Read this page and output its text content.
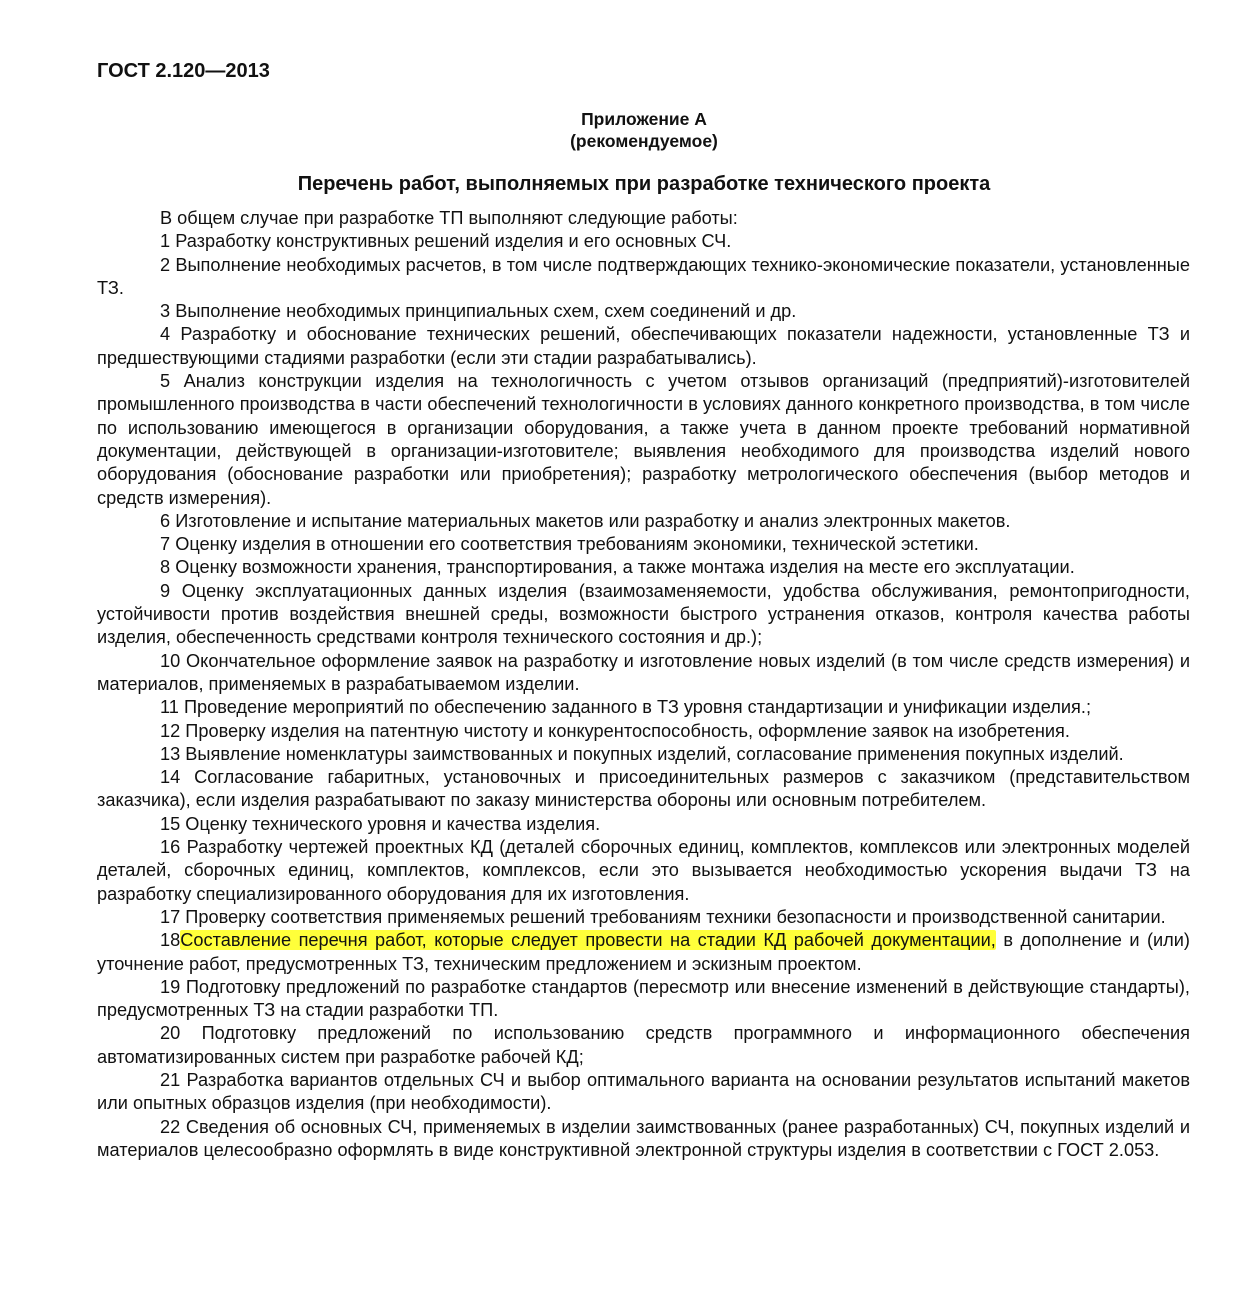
ГОСТ 2.120—2013
Приложение А
(рекомендуемое)
Перечень работ, выполняемых при разработке технического проекта

В общем случае при разработке ТП выполняют следующие работы:

1 Разработку конструктивных решений изделия и его основных СЧ.

2 Выполнение необходимых расчетов, в том числе подтверждающих технико-экономические показатели, установленные ТЗ.

3 Выполнение необходимых принципиальных схем, схем соединений и др.

4 Разработку и обоснование технических решений, обеспечивающих показатели надежности, установленные ТЗ и предшествующими стадиями разработки (если эти стадии разрабатывались).

5 Анализ конструкции изделия на технологичность с учетом отзывов организаций (предприятий)-изготовителей промышленного производства в части обеспечений технологичности в условиях данного конкретного производства, в том числе по использованию имеющегося в организации оборудования, а также учета в данном проекте требований нормативной документации, действующей в организации-изготовителе; выявления необходимого для производства изделий нового оборудования (обоснование разработки или приобретения); разработку метрологического обеспечения (выбор методов и средств измерения).

6 Изготовление и испытание материальных макетов или разработку и анализ электронных макетов.

7 Оценку изделия в отношении его соответствия требованиям экономики, технической эстетики.

8 Оценку возможности хранения, транспортирования, а также монтажа изделия на месте его эксплуатации.

9 Оценку эксплуатационных данных изделия (взаимозаменяемости, удобства обслуживания, ремонтопригодности, устойчивости против воздействия внешней среды, возможности быстрого устранения отказов, контроля качества работы изделия, обеспеченность средствами контроля технического состояния и др.);

10 Окончательное оформление заявок на разработку и изготовление новых изделий (в том числе средств измерения) и материалов, применяемых в разрабатываемом изделии.

11 Проведение мероприятий по обеспечению заданного в ТЗ уровня стандартизации и унификации изделия.;

12 Проверку изделия на патентную чистоту и конкурентоспособность, оформление заявок на изобретения.

13 Выявление номенклатуры заимствованных и покупных изделий, согласование применения покупных изделий.

14 Согласование габаритных, установочных и присоединительных размеров с заказчиком (представительством заказчика), если изделия разрабатывают по заказу министерства обороны или основным потребителем.

15 Оценку технического уровня и качества изделия.

16 Разработку чертежей проектных КД (деталей сборочных единиц, комплектов, комплексов или электронных моделей деталей, сборочных единиц, комплектов, комплексов, если это вызывается необходимостью ускорения выдачи ТЗ на разработку специализированного оборудования для их изготовления.

17 Проверку соответствия применяемых решений требованиям техники безопасности и производственной санитарии.

18Составление перечня работ, которые следует провести на стадии КД рабочей документации, в дополнение и (или) уточнение работ, предусмотренных ТЗ, техническим предложением и эскизным проектом.

19 Подготовку предложений по разработке стандартов (пересмотр или внесение изменений в действующие стандарты), предусмотренных ТЗ на стадии разработки ТП.

20 Подготовку предложений по использованию средств программного и информационного обеспечения автоматизированных систем при разработке рабочей КД;

21 Разработка вариантов отдельных СЧ и выбор оптимального варианта на основании результатов испытаний макетов или опытных образцов изделия (при необходимости).

22 Сведения об основных СЧ, применяемых в изделии заимствованных (ранее разработанных) СЧ, покупных изделий и материалов целесообразно оформлять в виде конструктивной электронной структуры изделия в соответствии с ГОСТ 2.053.
